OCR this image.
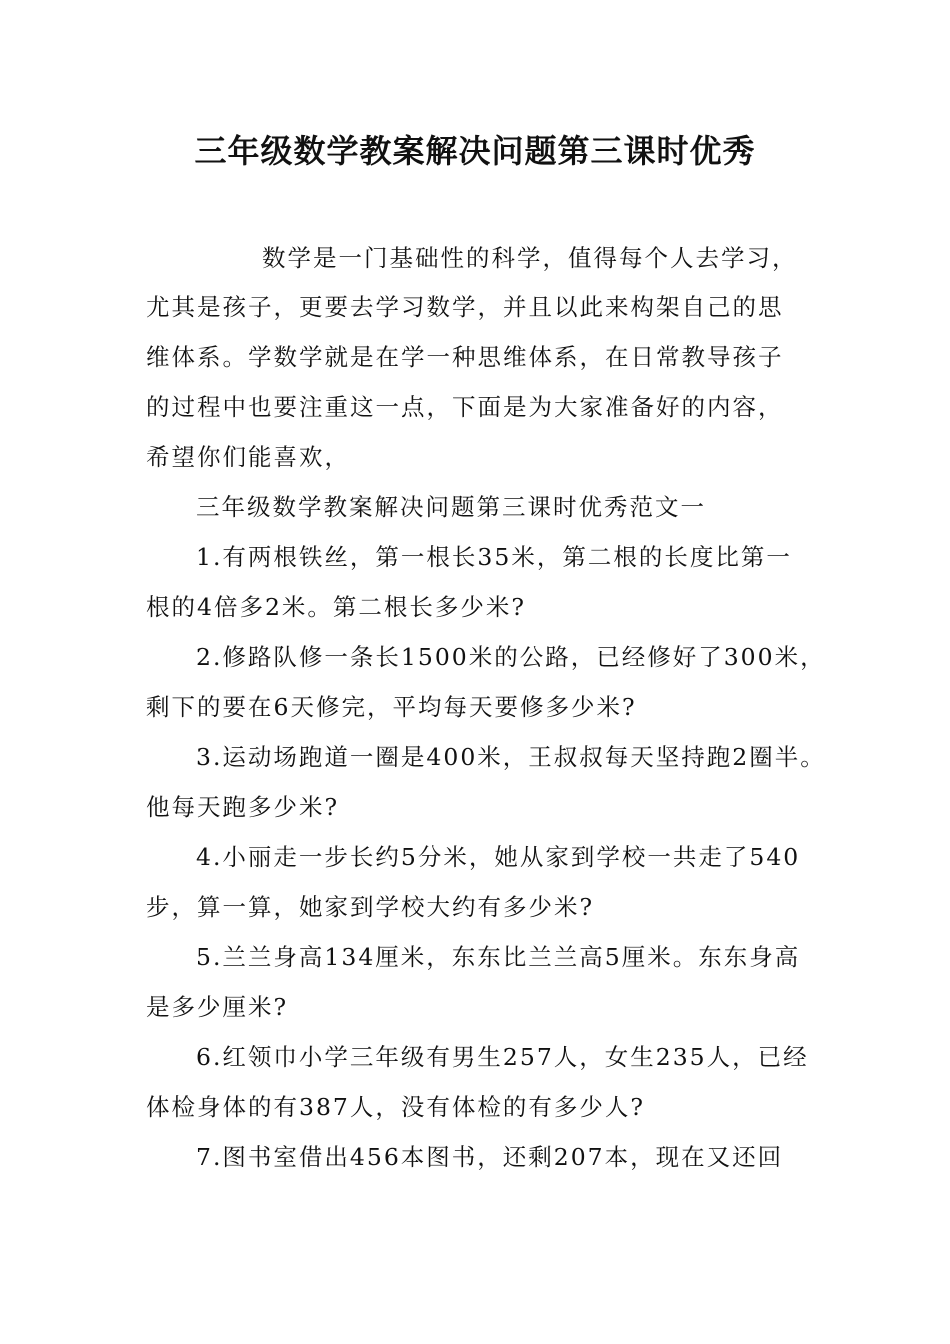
三年级数学教案解决问题第三课时优秀
数学是一门基础性的科学，值得每个人去学习，
尤其是孩子，更要去学习数学，并且以此来构架自己的思
维体系。学数学就是在学一种思维体系，在日常教导孩子
的过程中也要注重这一点，下面是为大家准备好的内容，
希望你们能喜欢，
三年级数学教案解决问题第三课时优秀范文一
1.有两根铁丝，第一根长35米，第二根的长度比第一
根的4倍多2米。第二根长多少米?
2.修路队修一条长1500米的公路，已经修好了300米，
剩下的要在6天修完，平均每天要修多少米?
3.运动场跑道一圈是400米，王叔叔每天坚持跑2圈半。
他每天跑多少米?
4.小丽走一步长约5分米，她从家到学校一共走了540
步，算一算，她家到学校大约有多少米?
5.兰兰身高134厘米，东东比兰兰高5厘米。东东身高
是多少厘米?
6.红领巾小学三年级有男生257人，女生235人，已经
体检身体的有387人，没有体检的有多少人?
7.图书室借出456本图书，还剩207本，现在又还回
